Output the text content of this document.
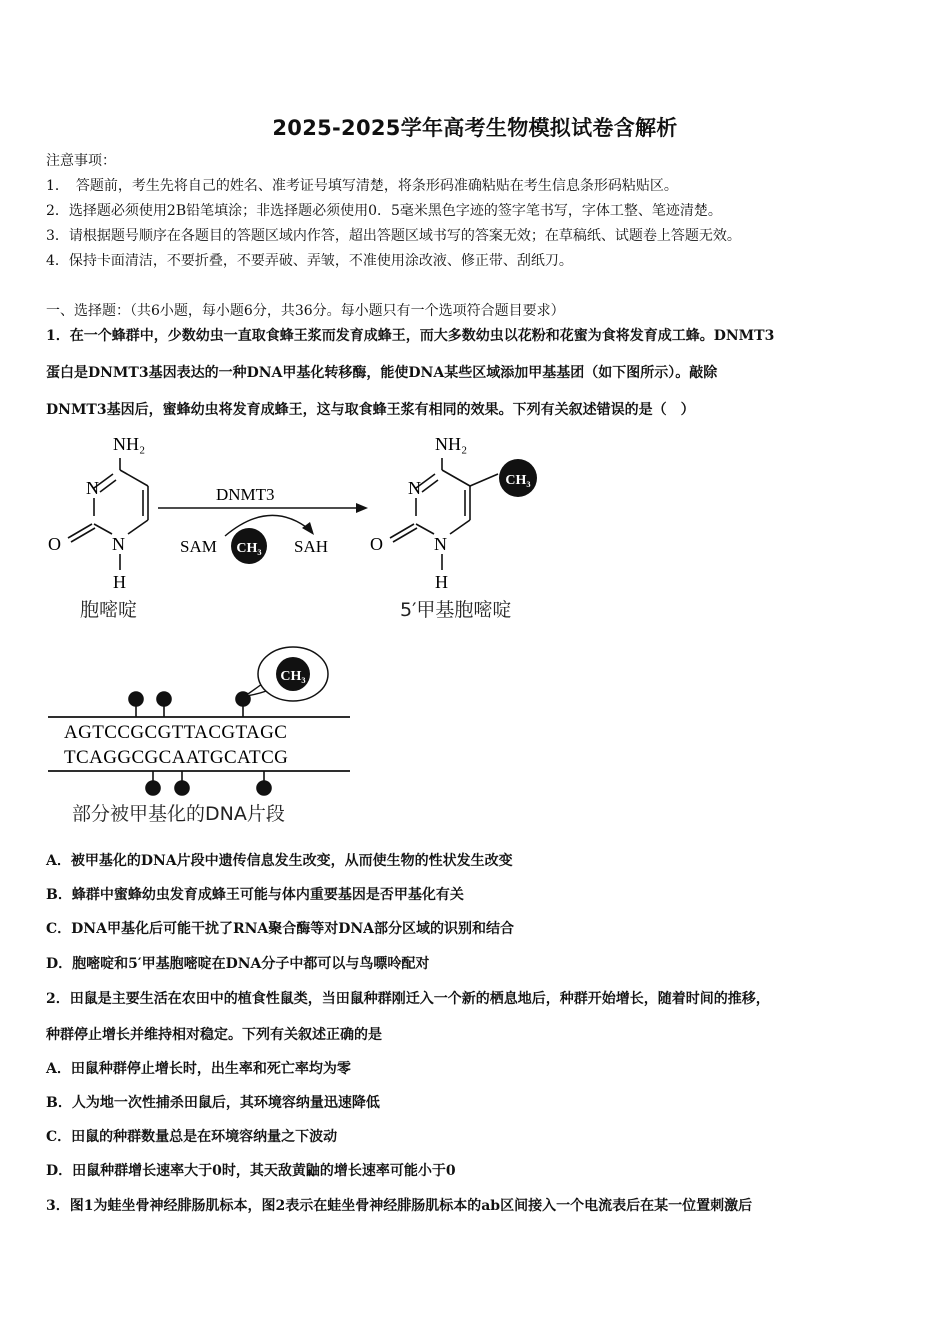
2025-2025学年高考生物模拟试卷含解析
注意事项：
1．　答题前，考生先将自己的姓名、准考证号填写清楚，将条形码准确粘贴在考生信息条形码粘贴区。
2．选择题必须使用2B铅笔填涂；非选择题必须使用0．5毫米黑色字迹的签字笔书写，字体工整、笔迹清楚。
3．请根据题号顺序在各题目的答题区域内作答，超出答题区域书写的答案无效；在草稿纸、试题卷上答题无效。
4．保持卡面清洁，不要折叠，不要弄破、弄皱，不准使用涂改液、修正带、刮纸刀。
一、选择题：（共6小题，每小题6分，共36分。每小题只有一个选项符合题目要求）
1．在一个蜂群中，少数幼虫一直取食蜂王浆而发育成蜂王，而大多数幼虫以花粉和花蜜为食将发育成工蜂。DNMT3
蛋白是DNMT3基因表达的一种DNA甲基化转移酶，能使DNA某些区域添加甲基基团（如下图所示）。敲除
DNMT3基因后，蜜蜂幼虫将发育成蜂王，这与取食蜂王浆有相同的效果。下列有关叙述错误的是（　）
NH₂
N
N
O
H
胞嘧啶
DNMT3
SAM CH₃ SAH
NH₂
N
N
O
H
CH₃
5′甲基胞嘧啶
CH₃
AGTCCGCGTTACGTAGC
TCAGGCGCAATGCATCG
部分被甲基化的DNA片段
A．被甲基化的DNA片段中遗传信息发生改变，从而使生物的性状发生改变
B．蜂群中蜜蜂幼虫发育成蜂王可能与体内重要基因是否甲基化有关
C．DNA甲基化后可能干扰了RNA聚合酶等对DNA部分区域的识别和结合
D．胞嘧啶和5′甲基胞嘧啶在DNA分子中都可以与鸟嘌呤配对
2．田鼠是主要生活在农田中的植食性鼠类，当田鼠种群刚迁入一个新的栖息地后，种群开始增长，随着时间的推移，
种群停止增长并维持相对稳定。下列有关叙述正确的是
A．田鼠种群停止增长时，出生率和死亡率均为零
B．人为地一次性捕杀田鼠后，其环境容纳量迅速降低
C．田鼠的种群数量总是在环境容纳量之下波动
D．田鼠种群增长速率大于0时，其天敌黄鼬的增长速率可能小于0
3．图1为蛙坐骨神经腓肠肌标本，图2表示在蛙坐骨神经腓肠肌标本的ab区间接入一个电流表后在某一位置刺激后
